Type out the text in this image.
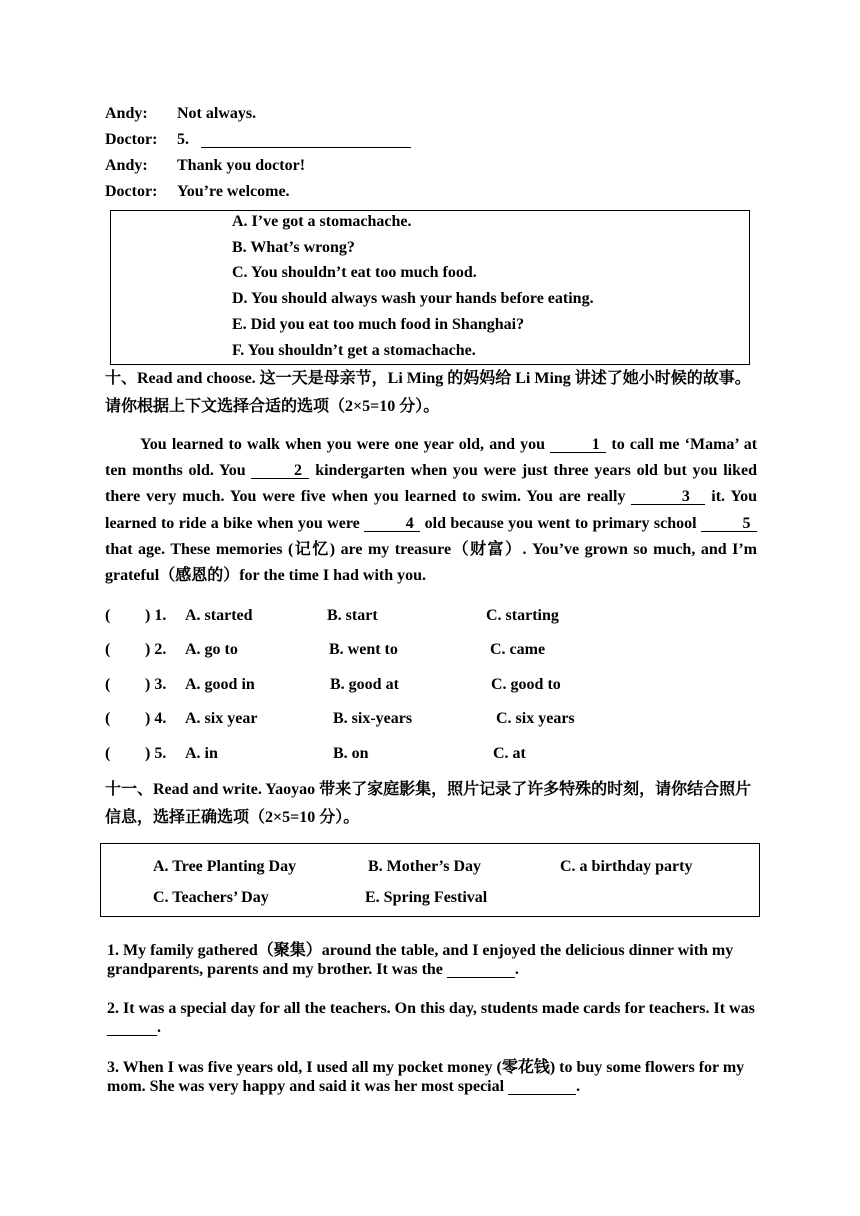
Andy: Not always.
Doctor: 5.
Andy: Thank you doctor!
Doctor: You’re welcome.
A. I’ve got a stomachache.
B. What’s wrong?
C. You shouldn’t eat too much food.
D. You should always wash your hands before eating.
E. Did you eat too much food in Shanghai?
F. You shouldn’t get a stomachache.
十、Read and choose. 这一天是母亲节，Li Ming 的妈妈给 Li Ming 讲述了她小时候的故事。请你根据上下文选择合适的选项（2×5=10 分）。
You learned to walk when you were one year old, and you	1 to call me ‘Mama’ at ten months old. You	2 kindergarten when you were just three years old but you liked there very much. You were five when you learned to swim. You are really	3 it. You learned to ride a bike when you were	4 old because you went to primary school	5 that age. These memories (记忆) are my treasure（财富）. You’ve grown so much, and I’m grateful（感恩的）for the time I had with you.
( ) 1. A. started	B. start	C. starting
( ) 2. A. go to	B. went to	C. came
( ) 3. A. good in	B. good at	C. good to
( ) 4. A. six year	B. six-years	C. six years
( ) 5. A. in	B. on	C. at
十一、Read and write. Yaoyao 带来了家庭影集，照片记录了许多特殊的时刻，请你结合照片信息，选择正确选项（2×5=10 分）。
A. Tree Planting Day	B. Mother’s Day	C. a birthday party
C. Teachers’ Day	E. Spring Festival
1. My family gathered（聚集）around the table, and I enjoyed the delicious dinner with my grandparents, parents and my brother. It was the	.
2. It was a special day for all the teachers. On this day, students made cards for teachers. It was  .
3. When I was five years old, I used all my pocket money (零花钱) to buy some flowers for my mom. She was very happy and said it was her most special	.
